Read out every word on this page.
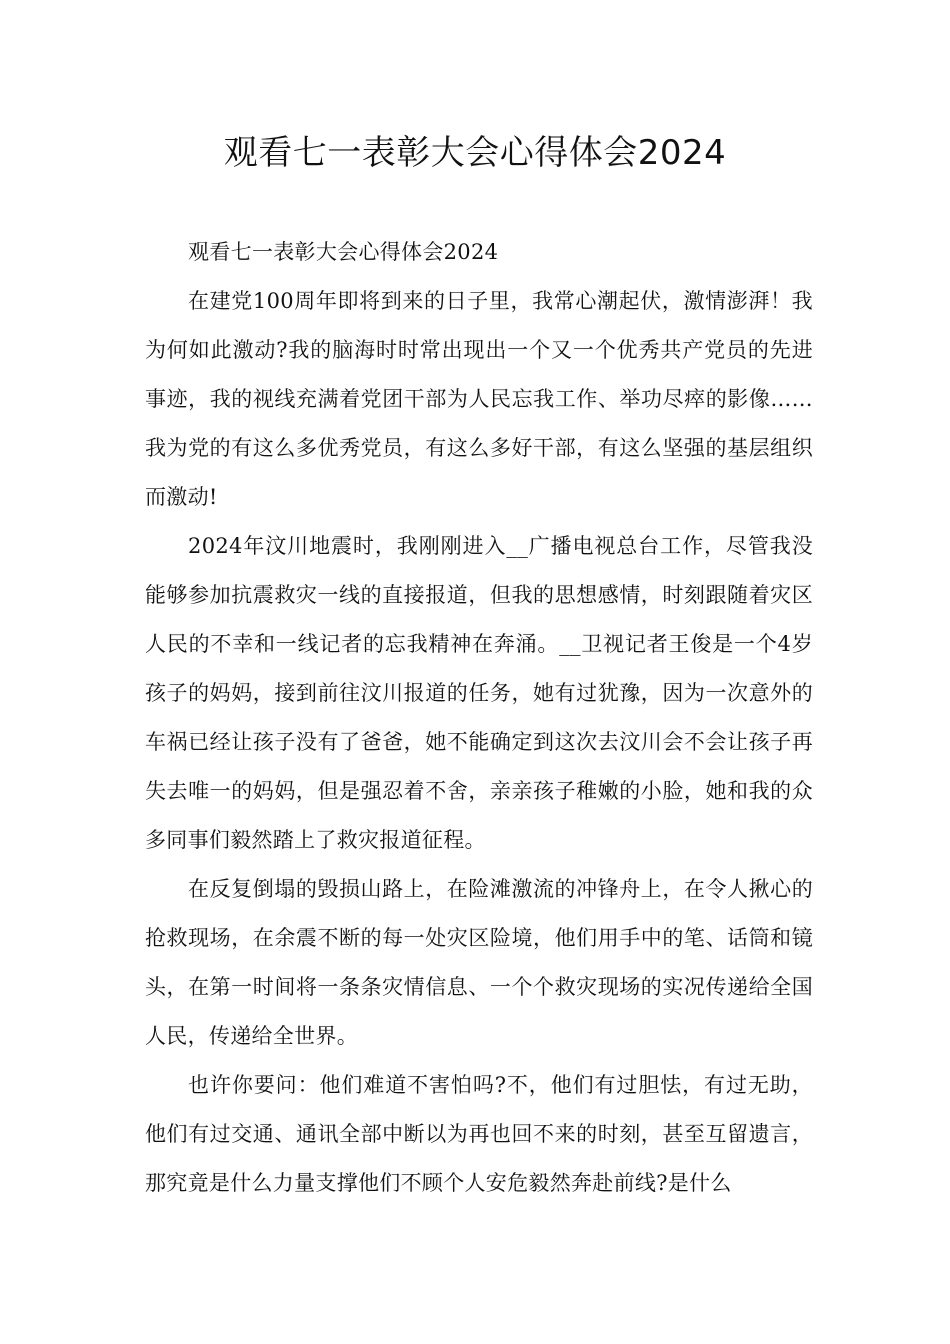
观看七一表彰大会心得体会2024

观看七一表彰大会心得体会2024

在建党100周年即将到来的日子里，我常心潮起伏，激情澎湃！我为何如此激动?我的脑海时时常出现出一个又一个优秀共产党员的先进事迹，我的视线充满着党团干部为人民忘我工作、举功尽瘁的影像……我为党的有这么多优秀党员，有这么多好干部，有这么坚强的基层组织而激动!

2024年汶川地震时，我刚刚进入__广播电视总台工作，尽管我没能够参加抗震救灾一线的直接报道，但我的思想感情，时刻跟随着灾区人民的不幸和一线记者的忘我精神在奔涌。__卫视记者王俊是一个4岁孩子的妈妈，接到前往汶川报道的任务，她有过犹豫，因为一次意外的车祸已经让孩子没有了爸爸，她不能确定到这次去汶川会不会让孩子再失去唯一的妈妈，但是强忍着不舍，亲亲孩子稚嫩的小脸，她和我的众多同事们毅然踏上了救灾报道征程。

在反复倒塌的毁损山路上，在险滩激流的冲锋舟上，在令人揪心的抢救现场，在余震不断的每一处灾区险境，他们用手中的笔、话筒和镜头，在第一时间将一条条灾情信息、一个个救灾现场的实况传递给全国人民，传递给全世界。

也许你要问：他们难道不害怕吗?不，他们有过胆怯，有过无助，他们有过交通、通讯全部中断以为再也回不来的时刻，甚至互留遗言，那究竟是什么力量支撑他们不顾个人安危毅然奔赴前线?是什么
